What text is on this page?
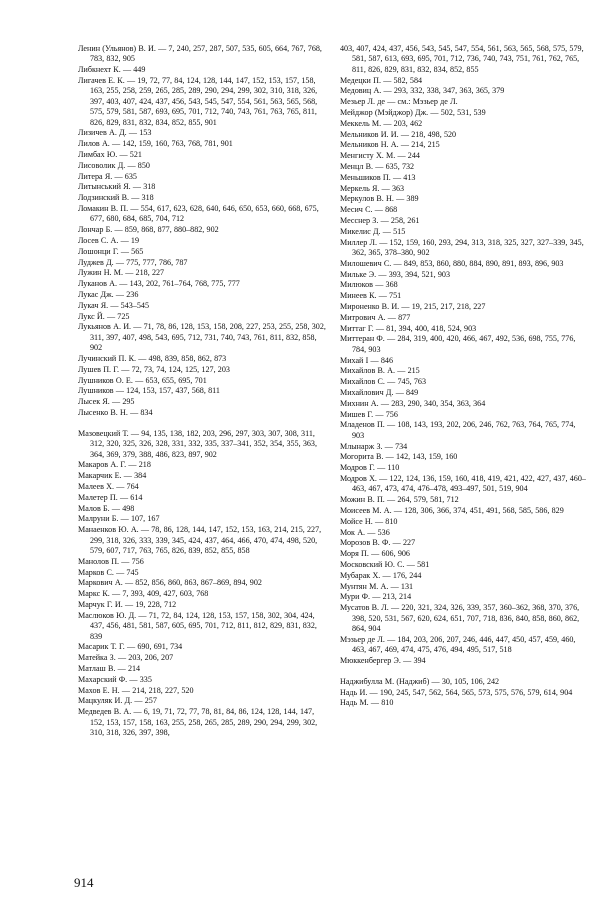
Ленин (Ульянов) В. И. — 7, 240, 257, 287, 507, 535, 605, 664, 767, 768, 783, 832, 905
Либкнехт К. — 449
Лигачев Е. К. — 19, 72, 77, 84, 124, 128, 144, 147, 152, 153, 157, 158, 163, 255, 258, 259, 265, 285, 289, 290, 294, 299, 302, 310, 318, 326, 397, 403, 407, 424, 437, 456, 543, 545, 547, 554, 561, 563, 565, 568, 575, 579, 581, 587, 693, 695, 701, 712, 740, 743, 761, 763, 765, 811, 826, 829, 831, 832, 834, 852, 855, 901
Лизичев А. Д. — 153
Лилов А. — 142, 159, 160, 763, 768, 781, 901
Лимбах Ю. — 521
Лисоволик Д. — 850
Литера Я. — 635
Литынський Я. — 318
Лодзинский В. — 318
Ломакин В. П. — 554, 617, 623, 628, 640, 646, 650, 653, 660, 668, 675, 677, 680, 684, 685, 704, 712
Лончар Б. — 859, 868, 877, 880–882, 902
Лосев С. А. — 19
Лошонци Г. — 565
Луджев Д. — 775, 777, 786, 787
Лужин Н. М. — 218, 227
Луканов А. — 143, 202, 761–764, 768, 775, 777
Лукас Дж. — 236
Лукач Я. — 543–545
Лукс Й. — 725
Лукьянов А. И. — 71, 78, 86, 128, 153, 158, 208, 227, 253, 255, 258, 302, 311, 397, 407, 498, 543, 695, 712, 731, 740, 743, 761, 811, 832, 858, 902
Лучинский П. К. — 498, 839, 858, 862, 873
Лушев П. Г. — 72, 73, 74, 124, 125, 127, 203
Лушников О. Е. — 653, 655, 695, 701
Лушников — 124, 153, 157, 437, 568, 811
Лысек Я. — 295
Лысенко В. Н. — 834
Мазовецкий Т. — 94, 135, 138, 182, 203, 296, 297, 303, 307, 308, 311, 312, 320, 325, 326, 328, 331, 332, 335, 337–341, 352, 354, 355, 363, 364, 369, 379, 388, 486, 823, 897, 902
Макаров А. Г. — 218
Макарчик Е. — 384
Малеев Х. — 764
Малетер П. — 614
Малов Б. — 498
Малруни Б. — 107, 167
Манаенков Ю. А. — 78, 86, 128, 144, 147, 152, 153, 163, 214, 215, 227, 299, 318, 326, 333, 339, 345, 424, 437, 464, 466, 470, 474, 498, 520, 579, 607, 717, 763, 765, 826, 839, 852, 855, 858
Манолов П. — 756
Марков С. — 745
Маркович А. — 852, 856, 860, 863, 867–869, 894, 902
Маркс К. — 7, 393, 409, 427, 603, 768
Марчук Г. И. — 19, 228, 712
Маслюков Ю. Д. — 71, 72, 84, 124, 128, 153, 157, 158, 302, 304, 424, 437, 456, 481, 581, 587, 605, 695, 701, 712, 811, 812, 829, 831, 832, 839
Масарик Т. Г. — 690, 691, 734
Матейка З. — 203, 206, 207
Матлаш В. — 214
Махарский Ф. — 335
Махов Е. Н. — 214, 218, 227, 520
Мацкуляк И. Д. — 257
Медведев В. А. — 6, 19, 71, 72, 77, 78, 81, 84, 86, 124, 128, 144, 147, 152, 153, 157, 158, 163, 255, 258, 265, 285, 289, 290, 294, 299, 302, 310, 318, 326, 397, 398,
403, 407, 424, 437, 456, 543, 545, 547, 554, 561, 563, 565, 568, 575, 579, 581, 587, 613, 693, 695, 701, 712, 736, 740, 743, 751, 761, 762, 765, 811, 826, 829, 831, 832, 834, 852, 855
Медецки П. — 582, 584
Медовиц А. — 293, 332, 338, 347, 363, 365, 379
Мезьер Л. де — см.: Мэзьер де Л.
Мейджор (Мэйджор) Дж. — 502, 531, 539
Меккель М. — 203, 462
Мельников И. И. — 218, 498, 520
Мельников Н. А. — 214, 215
Менгисту Х. М. — 244
Менцл В. — 635, 732
Меньшиков П. — 413
Меркель Я. — 363
Меркулов В. Н. — 389
Месич С. — 868
Месснер З. — 258, 261
Микелис Д. — 515
Миллер Л. — 152, 159, 160, 293, 294, 313, 318, 325, 327, 327–339, 345, 362, 365, 378–380, 902
Милошевич С. — 849, 853, 860, 880, 884, 890, 891, 893, 896, 903
Мильке Э. — 393, 394, 521, 903
Милюков — 368
Минеев К. — 751
Мироненко В. И. — 19, 215, 217, 218, 227
Митрович А. — 877
Миттаг Г. — 81, 394, 400, 418, 524, 903
Миттеран Ф. — 284, 319, 400, 420, 466, 467, 492, 536, 698, 755, 776, 784, 903
Михай I — 846
Михайлов В. А. — 215
Михайлов С. — 745, 763
Михайлович Д. — 849
Михнин А. — 283, 290, 340, 354, 363, 364
Мишев Г. — 756
Младенов П. — 108, 143, 193, 202, 206, 246, 762, 763, 764, 765, 774, 903
Млынарж З. — 734
Могорита В. — 142, 143, 159, 160
Модров Г. — 110
Модров Х. — 122, 124, 136, 159, 160, 418, 419, 421, 422, 427, 437, 460–463, 467, 473, 474, 476–478, 493–497, 501, 519, 904
Можин В. П. — 264, 579, 581, 712
Моисеев М. А. — 128, 306, 366, 374, 451, 491, 568, 585, 586, 829
Мойсе Н. — 810
Мок А. — 536
Морозов В. Ф. — 227
Моря П. — 606, 906
Московский Ю. С. — 581
Мубарак Х. — 176, 244
Мунтян М. А. — 131
Мури Ф. — 213, 214
Мусатов В. Л. — 220, 321, 324, 326, 339, 357, 360–362, 368, 370, 376, 398, 520, 531, 567, 620, 624, 651, 707, 718, 836, 840, 858, 860, 862, 864, 904
Мэзьер де Л. — 184, 203, 206, 207, 246, 446, 447, 450, 457, 459, 460, 463, 467, 469, 474, 475, 476, 494, 495, 517, 518
Мюккенбергер Э. — 394
Наджибулла М. (Наджиб) — 30, 105, 106, 242
Надь И. — 190, 245, 547, 562, 564, 565, 573, 575, 576, 579, 614, 904
Надь М. — 810
914
